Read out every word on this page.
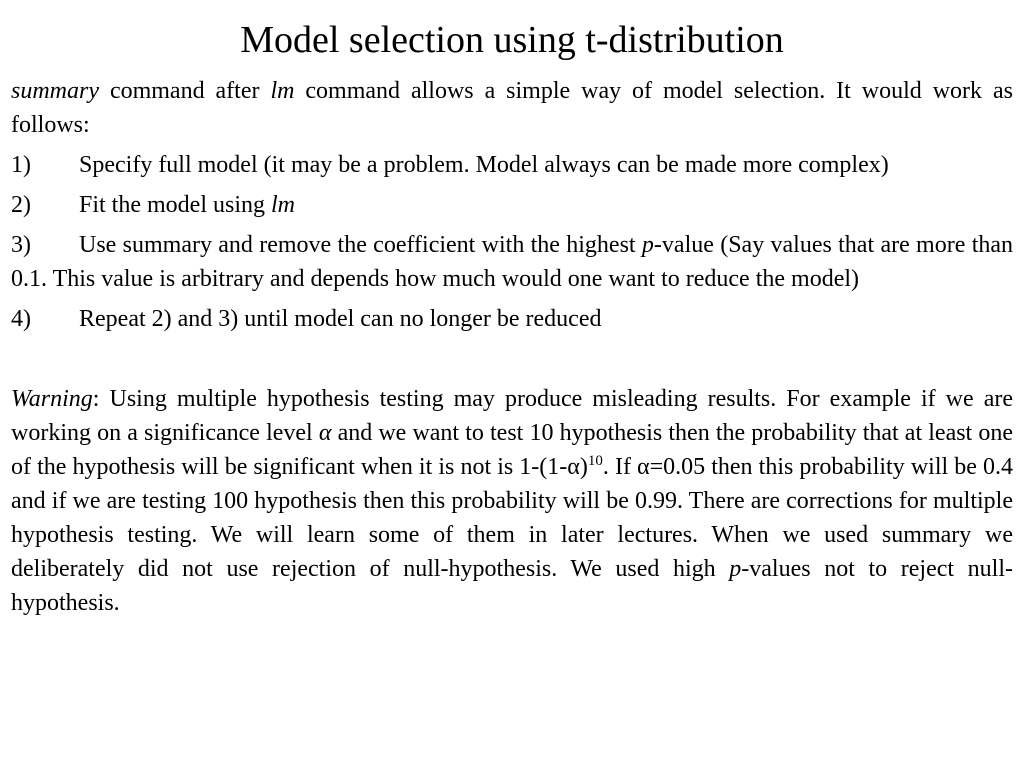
Model selection using t-distribution

summary command after lm command allows a simple way of model selection. It would work as follows:

1) Specify full model (it may be a problem. Model always can be made more complex)

2) Fit the model using lm

3) Use summary and remove the coefficient with the highest p-value (Say values that are more than 0.1. This value is arbitrary and depends how much would one want to reduce the model)

4) Repeat 2) and 3) until model can no longer be reduced

Warning: Using multiple hypothesis testing may produce misleading results. For example if we are working on a significance level α and we want to test 10 hypothesis then the probability that at least one of the hypothesis will be significant when it is not is $1-(1-\alpha)^{10}$. If α=0.05 then this probability will be 0.4 and if we are testing 100 hypothesis then this probability will be 0.99. There are corrections for multiple hypothesis testing. We will learn some of them in later lectures. When we used summary we deliberately did not use rejection of null-hypothesis. We used high p-values not to reject null-hypothesis.
